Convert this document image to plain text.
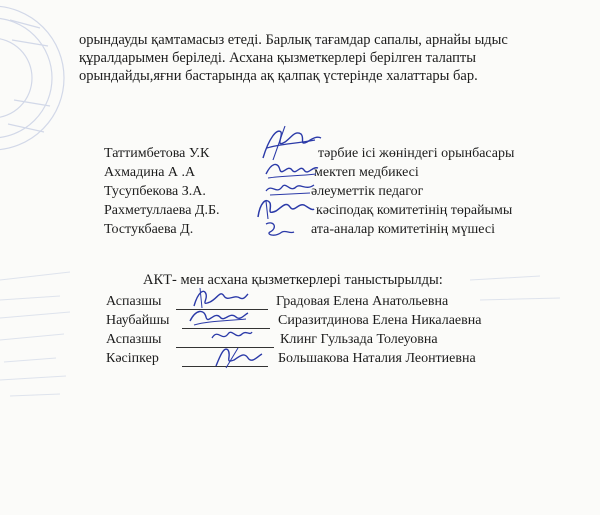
орындауды қамтамасыз етеді. Барлық тағамдар сапалы, арнайы ыдыс
құралдарымен беріледі. Асхана қызметкерлері берілген талапты
орындайды,яғни бастарында ақ қалпақ үстерінде халаттары бар.

Таттимбетова У.К	тәрбие ісі жөніндегі орынбасары
Ахмадина А .А	мектеп медбикесі
Тусупбекова З.А.	әлеуметтік педагог
Рахметуллаева Д.Б.	кәсіподақ комитетінің төрайымы
Тостукбаева Д.	ата-аналар комитетінің мүшесі
АКТ- мен асхана қызметкерлері таныстырылды:
Аспазшы	Градовая Елена Анатольевна
Наубайшы	Сиразитдинова Елена Никалаевна
Аспазшы	Клинг Гульзада Толеуовна
Кәсіпкер	Большакова Наталия Леонтиевна
